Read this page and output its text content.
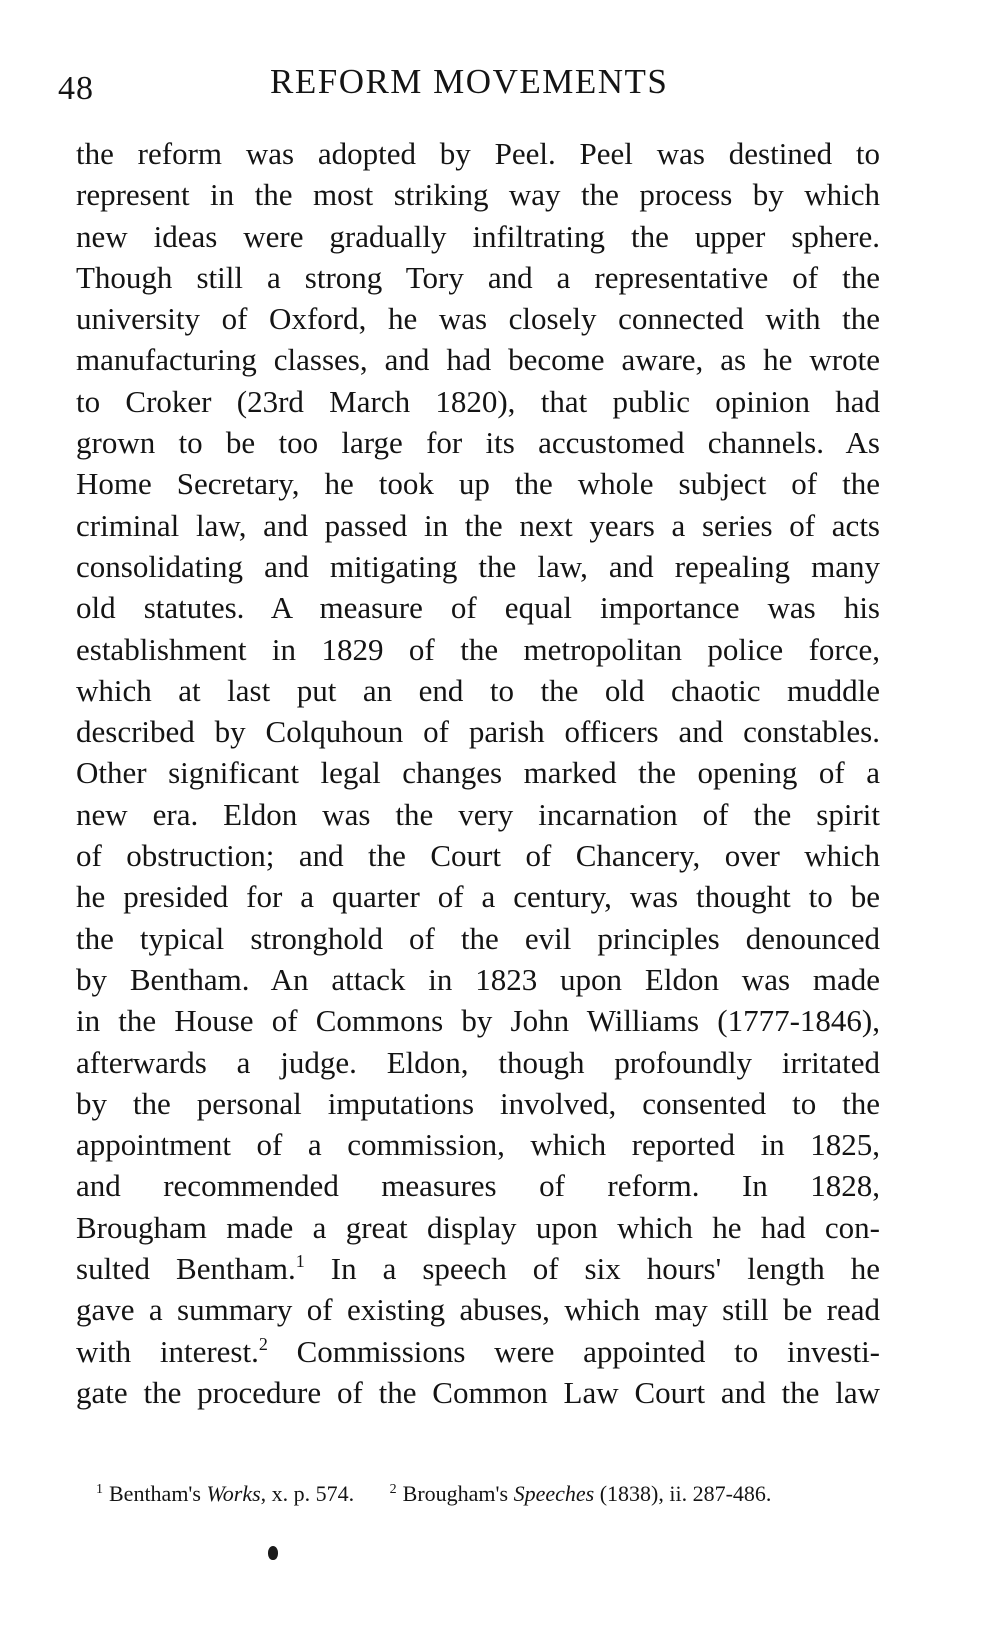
48	REFORM MOVEMENTS
the reform was adopted by Peel. Peel was destined to
represent in the most striking way the process by which
new ideas were gradually infiltrating the upper sphere.
Though still a strong Tory and a representative of the
university of Oxford, he was closely connected with the
manufacturing classes, and had become aware, as he wrote
to Croker (23rd March 1820), that public opinion had
grown to be too large for its accustomed channels. As
Home Secretary, he took up the whole subject of the
criminal law, and passed in the next years a series of acts
consolidating and mitigating the law, and repealing many
old statutes. A measure of equal importance was his
establishment in 1829 of the metropolitan police force,
which at last put an end to the old chaotic muddle
described by Colquhoun of parish officers and constables.
Other significant legal changes marked the opening of a
new era. Eldon was the very incarnation of the spirit
of obstruction; and the Court of Chancery, over which
he presided for a quarter of a century, was thought to be
the typical stronghold of the evil principles denounced
by Bentham. An attack in 1823 upon Eldon was made
in the House of Commons by John Williams (1777-1846),
afterwards a judge. Eldon, though profoundly irritated
by the personal imputations involved, consented to the
appointment of a commission, which reported in 1825,
and recommended measures of reform. In 1828,
Brougham made a great display upon which he had con-
sulted Bentham.$^1$ In a speech of six hours' length he
gave a summary of existing abuses, which may still be read
with interest.$^2$ Commissions were appointed to investi-
gate the procedure of the Common Law Court and the law
$^1$ Bentham's Works, x. p. 574.	$^2$ Brougham's Speeches (1838), ii. 287-486.
